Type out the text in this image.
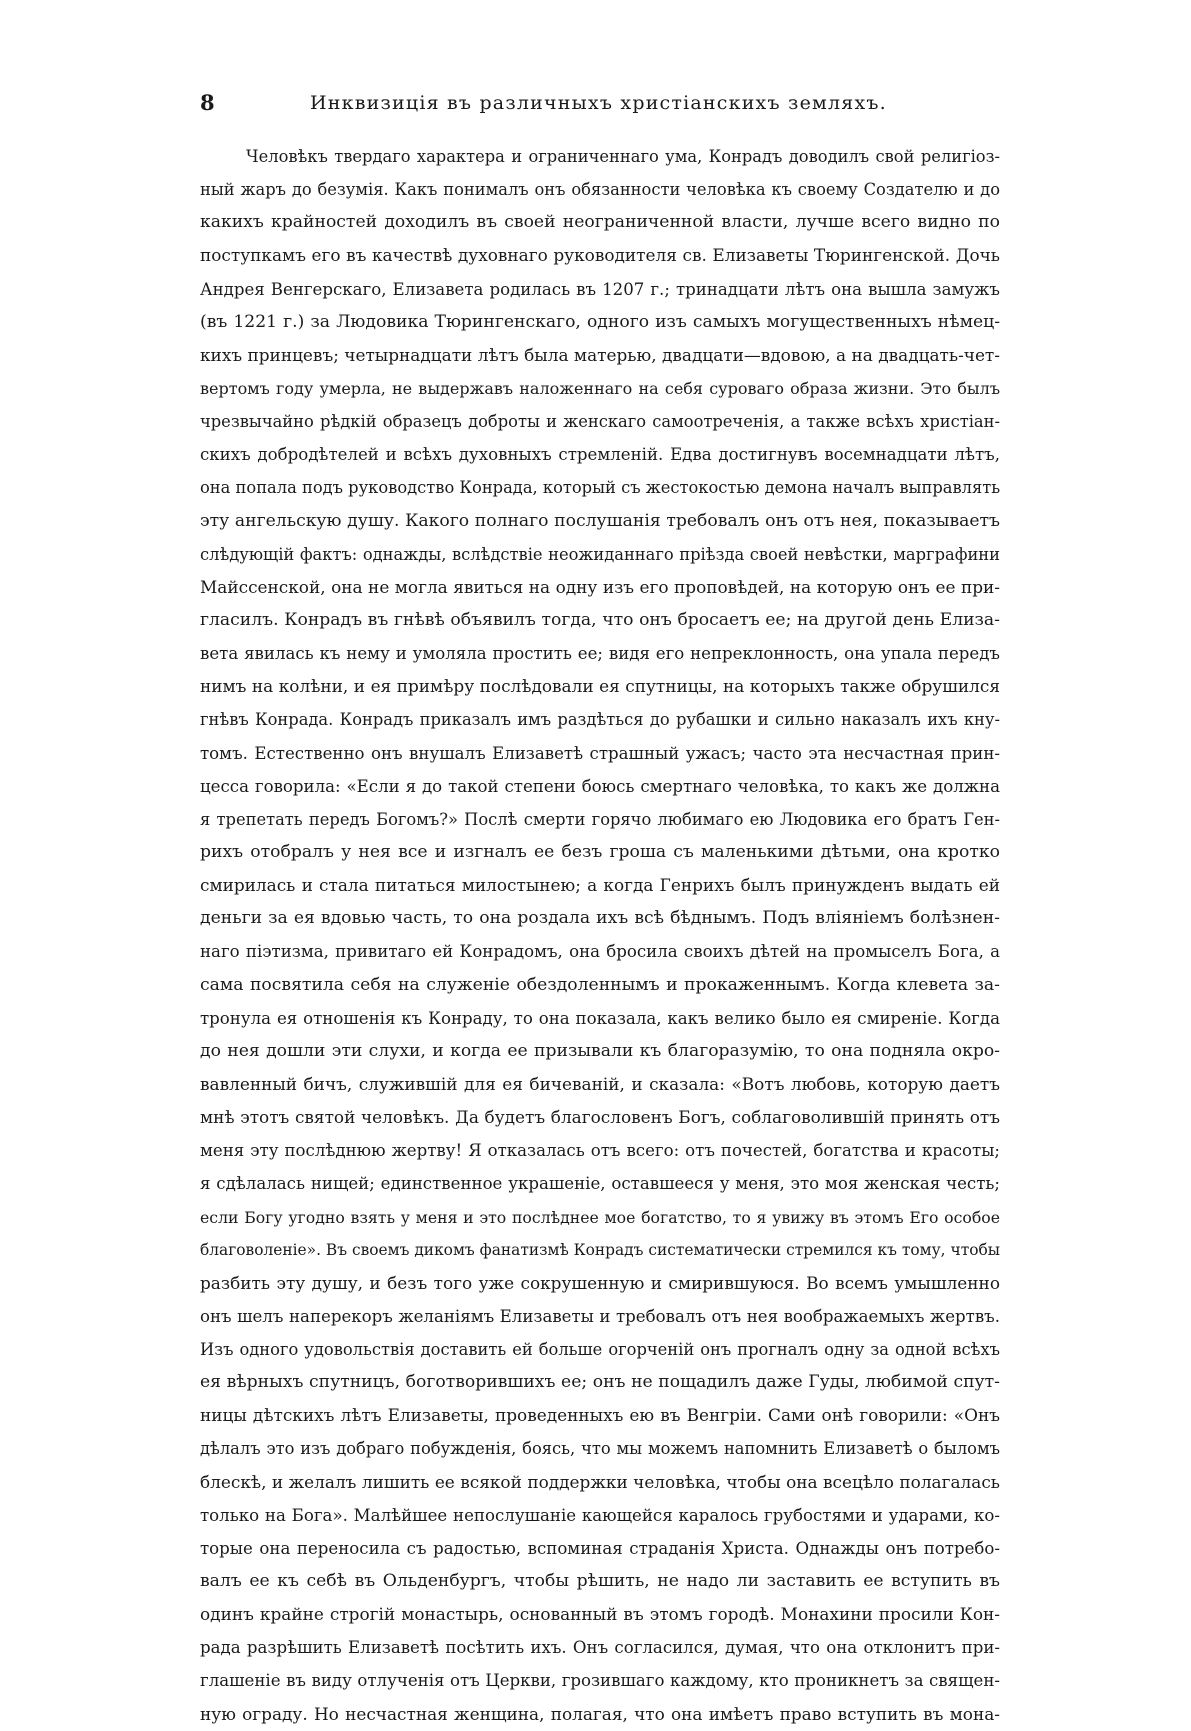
8	Инквизиція въ различныхъ христіанскихъ земляхъ.
Человѣкъ твердаго характера и ограниченнаго ума, Конрадъ доводилъ свой религіоз-
ный жаръ до безумія. Какъ понималъ онъ обязанности человѣка къ своему Создателю и до
какихъ крайностей доходилъ въ своей неограниченной власти, лучше всего видно по
поступкамъ его въ качествѣ духовнаго руководителя св. Елизаветы Тюрингенской. Дочь
Андрея Венгерскаго, Елизавета родилась въ 1207 г.; тринадцати лѣтъ она вышла замужъ
(въ 1221 г.) за Людовика Тюрингенскаго, одного изъ самыхъ могущественныхъ нѣмец-
кихъ принцевъ; четырнадцати лѣтъ была матерью, двадцати—вдовою, а на двадцать-чет-
вертомъ году умерла, не выдержавъ наложеннаго на себя суроваго образа жизни. Это былъ
чрезвычайно рѣдкій образецъ доброты и женскаго самоотреченія, а также всѣхъ христіан-
скихъ добродѣтелей и всѣхъ духовныхъ стремленій. Едва достигнувъ восемнадцати лѣтъ,
она попала подъ руководство Конрада, который съ жестокостью демона началъ выправлять
эту ангельскую душу. Какого полнаго послушанія требовалъ онъ отъ нея, показываетъ
слѣдующій фактъ: однажды, вслѣдствіе неожиданнаго пріѣзда своей невѣстки, маргрaфини
Майссенской, она не могла явиться на одну изъ его проповѣдей, на которую онъ ее при-
гласилъ. Конрадъ въ гнѣвѣ объявилъ тогда, что онъ бросаетъ ее; на другой день Елиза-
вета явилась къ нему и умоляла простить ее; видя его непреклонность, она упала передъ
нимъ на колѣни, и ея примѣру послѣдовали ея спутницы, на которыхъ также обрушился
гнѣвъ Конрада. Конрадъ приказалъ имъ раздѣться до рубашки и сильно наказалъ ихъ кну-
томъ. Естественно онъ внушалъ Елизаветѣ страшный ужасъ; часто эта несчастная прин-
цесса говорила: «Если я до такой степени боюсь смертнаго человѣка, то какъ же должна
я трепетать передъ Богомъ?» Послѣ смерти горячо любимаго ею Людовика его братъ Ген-
рихъ отобралъ у нея все и изгналъ ее безъ гроша съ маленькими дѣтьми, она кротко
смирилась и стала питаться милостынею; а когда Генрихъ былъ принужденъ выдать ей
деньги за ея вдовью часть, то она роздала ихъ всѣ бѣднымъ. Подъ вліяніемъ болѣзнен-
наго піэтизма, привитаго ей Конрадомъ, она бросила своихъ дѣтей на промыселъ Бога, а
сама посвятила себя на служеніе обездоленнымъ и прокаженнымъ. Когда клевета за-
тронула ея отношенія къ Конраду, то она показала, какъ велико было ея смиреніе. Когда
до нея дошли эти слухи, и когда ее призывали къ благоразумію, то она подняла окро-
вавленный бичъ, служившій для ея бичеваній, и сказала: «Вотъ любовь, которую даетъ
мнѣ этотъ святой человѣкъ. Да будетъ благословенъ Богъ, соблаговолившій принять отъ
меня эту послѣднюю жертву! Я отказалась отъ всего: отъ почестей, богатства и красоты;
я сдѣлалась нищей; единственное украшеніе, оставшееся у меня, это моя женская честь;
если Богу угодно взять у меня и это послѣднее мое богатство, то я увижу въ этомъ Его особое
благоволеніе». Въ своемъ дикомъ фанатизмѣ Конрадъ систематически стремился къ тому, чтобы
разбить эту душу, и безъ того уже сокрушенную и смирившуюся. Во всемъ умышленно
онъ шелъ наперекоръ желаніямъ Елизаветы и требовалъ отъ нея воображаемыхъ жертвъ.
Изъ одного удовольствія доставить ей больше огорченій онъ прогналъ одну за одной всѣхъ
ея вѣрныхъ спутницъ, боготворившихъ ее; онъ не пощадилъ даже Гуды, любимой спут-
ницы дѣтскихъ лѣтъ Елизаветы, проведенныхъ ею въ Венгріи. Сами онѣ говорили: «Онъ
дѣлалъ это изъ добраго побужденія, боясь, что мы можемъ напомнить Елизаветѣ о быломъ
блескѣ, и желалъ лишить ее всякой поддержки человѣка, чтобы она всецѣло полагалась
только на Бога». Малѣйшее непослушаніе кающейся каралось грубостями и ударами, ко-
торые она переносила съ радостью, вспоминая страданія Христа. Однажды онъ потребо-
валъ ее къ себѣ въ Ольденбургъ, чтобы рѣшить, не надо ли заставить ее вступить въ
одинъ крайне строгій монастырь, основанный въ этомъ городѣ. Монахини просили Кон-
рада разрѣшить Елизаветѣ посѣтить ихъ. Онъ согласился, думая, что она отклонитъ при-
глашеніе въ виду отлученія отъ Церкви, грозившаго каждому, кто проникнетъ за священ-
ную ограду. Но несчастная женщина, полагая, что она имѣетъ право вступить въ мона-
